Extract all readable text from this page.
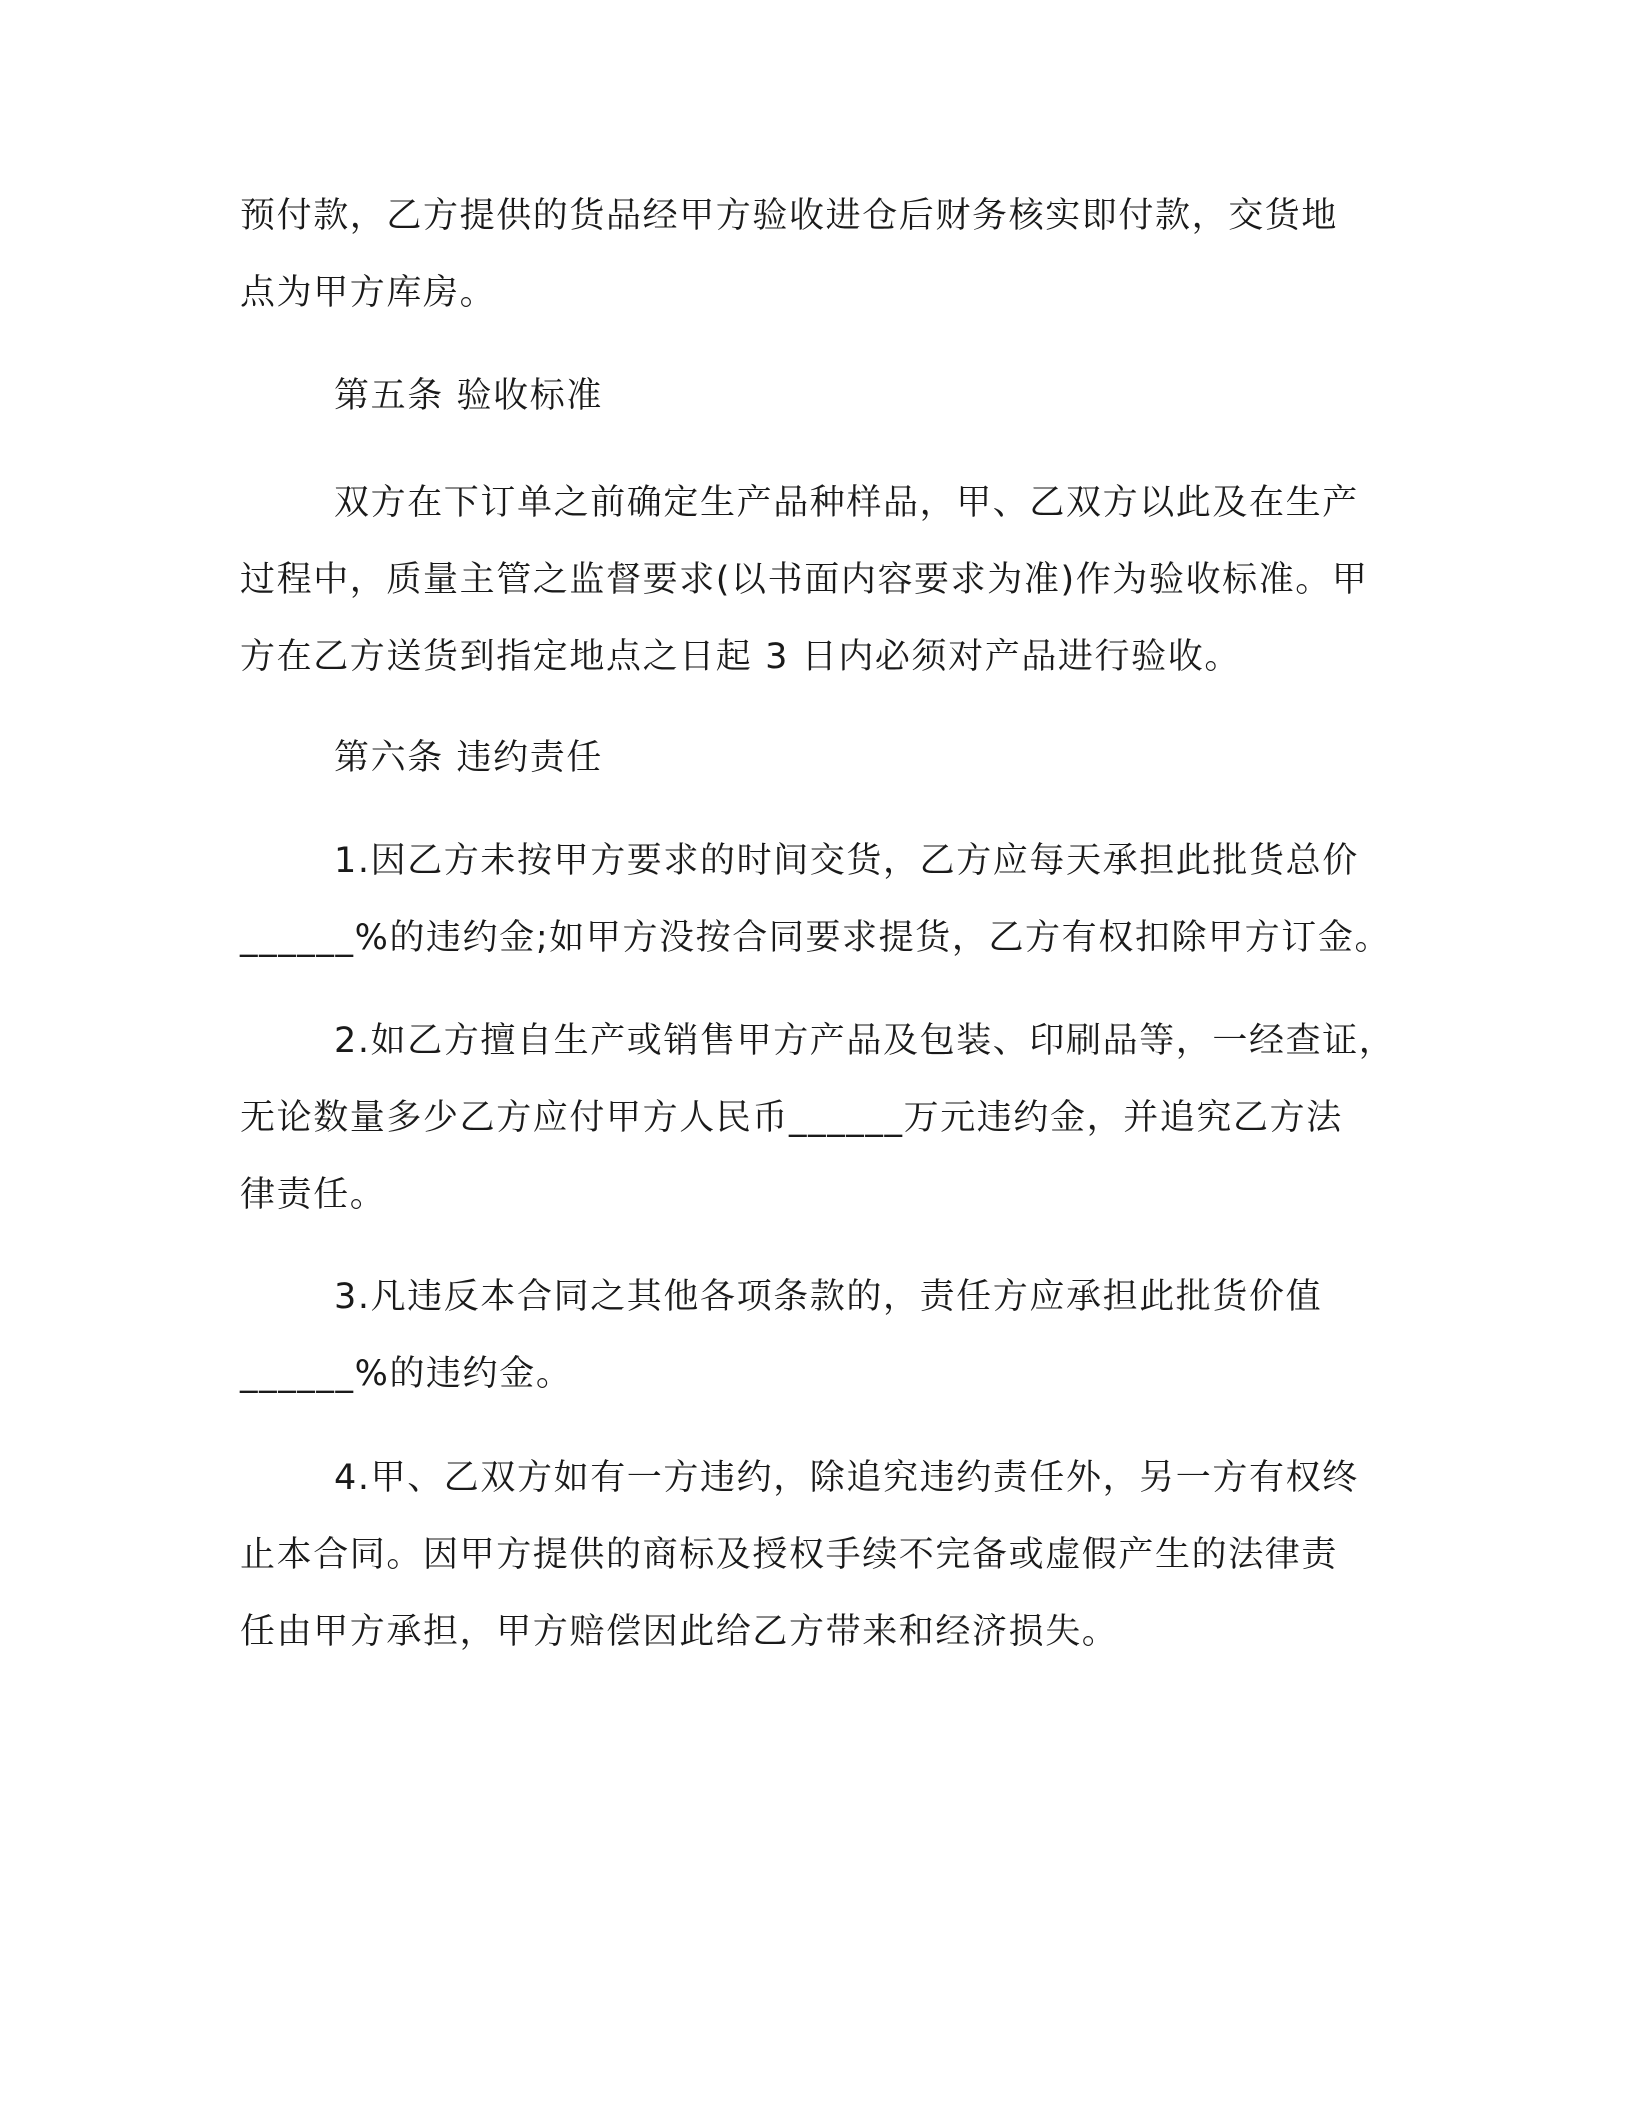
预付款，乙方提供的货品经甲方验收进仓后财务核实即付款，交货地
点为甲方库房。
第五条 验收标准
双方在下订单之前确定生产品种样品，甲、乙双方以此及在生产
过程中，质量主管之监督要求(以书面内容要求为准)作为验收标准。甲
方在乙方送货到指定地点之日起 3 日内必须对产品进行验收。
第六条 违约责任
1.因乙方未按甲方要求的时间交货，乙方应每天承担此批货总价
______%的违约金;如甲方没按合同要求提货，乙方有权扣除甲方订金。
2.如乙方擅自生产或销售甲方产品及包装、印刷品等，一经查证，
无论数量多少乙方应付甲方人民币______万元违约金，并追究乙方法
律责任。
3.凡违反本合同之其他各项条款的，责任方应承担此批货价值
______%的违约金。
4.甲、乙双方如有一方违约，除追究违约责任外，另一方有权终
止本合同。因甲方提供的商标及授权手续不完备或虚假产生的法律责
任由甲方承担，甲方赔偿因此给乙方带来和经济损失。
